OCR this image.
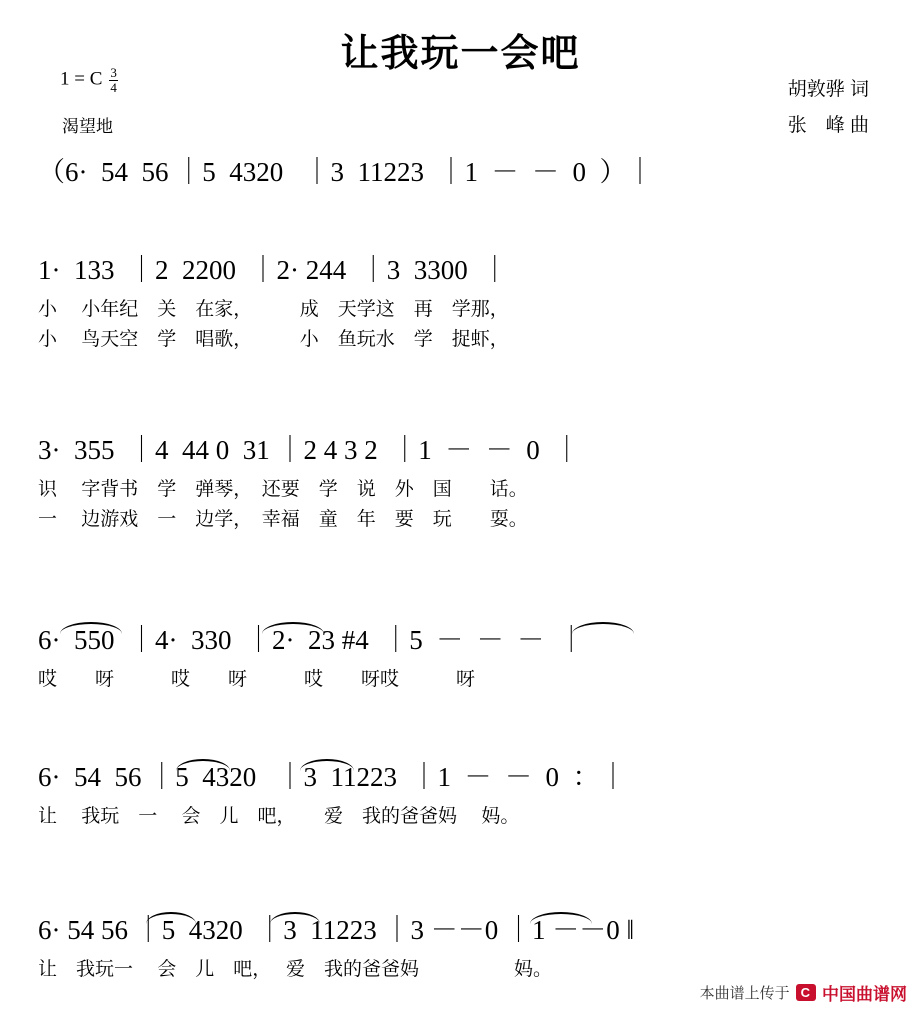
让我玩一会吧
1 = C $\frac{3}{4}$
渴望地
胡敦骅 词
张　峰 曲
（6·  54  56 ｜5  4320   ｜3  11223  ｜1  －  －  0  ）｜
1·  133  ｜2  2200  ｜2· 244  ｜3  3300  ｜
小　 小年纪　关　在家，　　　成　天学这　再　学那，
小　 鸟天空　学　唱歌，　　　小　鱼玩水　学　捉虾，
3·  355  ｜4  44 0  31 ｜2 4 3 2  ｜1  －  －  0  ｜
识　 字背书　学　弹琴，　还要　学　说　外　国　　话。
一　 边游戏　一　边学，　幸福　童　年　要　玩　　耍。
6·  550  ｜4·  330  ｜2·  23 #4  ｜5  －  －  －  ｜
哎　　呀　　　哎　　呀　　　哎　　呀哎　　　呀
6·  54  56 ｜5  4320   ｜3  11223  ｜1  －  －  0  ：｜
让　 我玩　一　 会　儿　吧，　　爱　我的爸爸妈　 妈。
6· 54 56 ｜5  4320  ｜3  11223 ｜3 －－0 ｜1 －－0 ‖
让　我玩一　 会　儿　吧，　 爱　我的爸爸妈　　　　　妈。
本曲谱上传于 C 中国曲谱网
